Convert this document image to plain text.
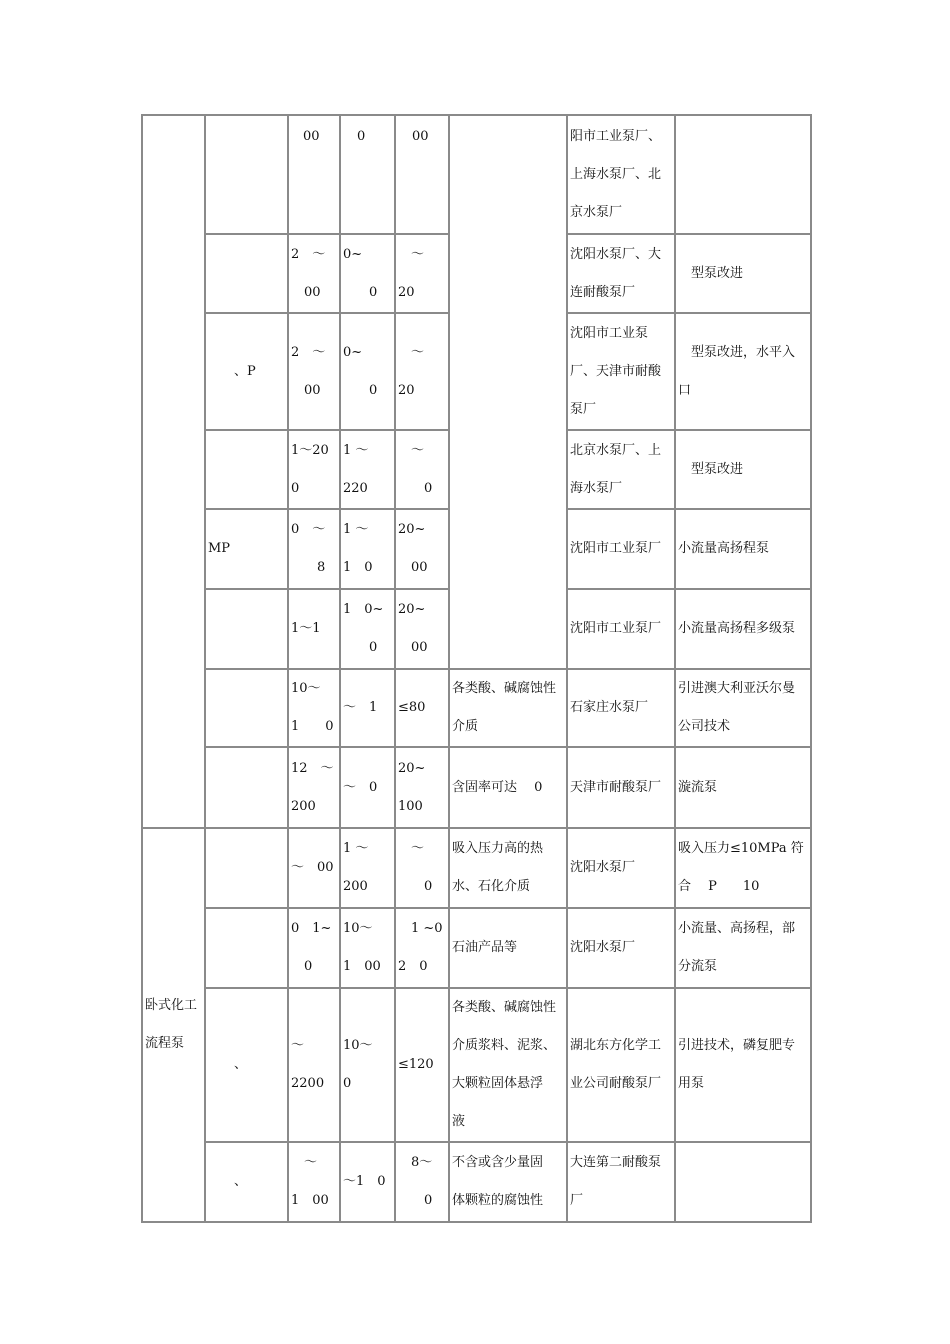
		00	0	00		阳市工业泵厂、
上海水泵厂、北
京水泵厂	
		2　～
　00	0~
　　0	　～
20		沈阳水泵厂、大
连耐酸泵厂	　型泵改进
	　　、P	2　～
　00	0~
　　0	　～
20		沈阳市工业泵
厂、天津市耐酸
泵厂	　型泵改进，水平入
口
		1～200	1 ～
220	　～
　　0		北京水泵厂、上
海水泵厂	　型泵改进
	MP	0　～
　　8	1 ～
1　0	20~
　00		沈阳市工业泵厂	小流量高扬程泵
		1～1	1　0~
　　0	20~
　00		沈阳市工业泵厂	小流量高扬程多级泵
		10～
1　　0	～　1	≤80	各类酸、碱腐蚀性
介质	石家庄水泵厂	引进澳大利亚沃尔曼
公司技术
		12　～
200	～　0	20~
100	含固率可达　 0	天津市耐酸泵厂	漩流泵
卧式化工
流程泵		～　00	1 ～
200	　～
　　0	吸入压力高的热
水、石化介质	沈阳水泵厂	吸入压力≤10MPa 符
合　 P　　10
		0　1~
　0	10～
1　00	　1 ~0
2　0	石油产品等	沈阳水泵厂	小流量、高扬程，部
分流泵
	　　、	～
2200	10～　0	≤120	各类酸、碱腐蚀性
介质浆料、泥浆、
大颗粒固体悬浮
液	湖北东方化学工
业公司耐酸泵厂	引进技术，磷复肥专
用泵
	　　、	　～
1　00	～1　0	　8～
　　0	不含或含少量固
体颗粒的腐蚀性	大连第二耐酸泵
厂	
